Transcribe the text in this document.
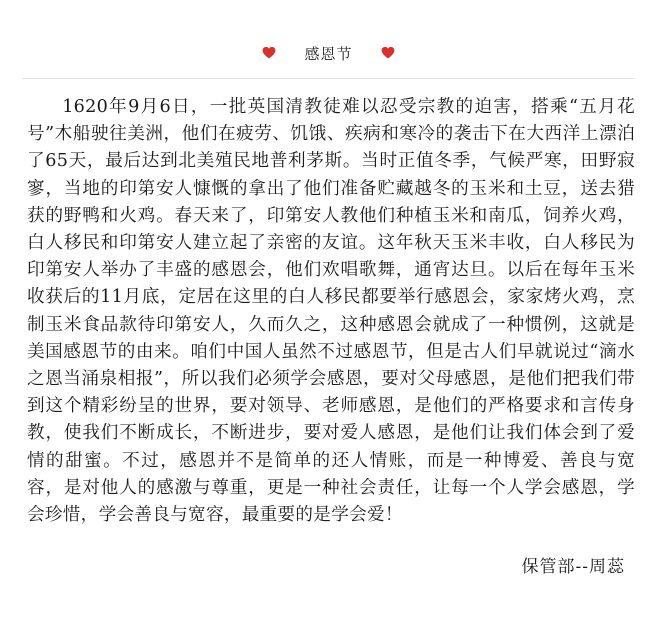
感恩节

1620年9月6日，一批英国清教徒难以忍受宗教的迫害，搭乘“五月花号”木船驶往美洲，他们在疲劳、饥饿、疾病和寒冷的袭击下在大西洋上漂泊了65天，最后达到北美殖民地普利茅斯。当时正值冬季，气候严寒，田野寂寥，当地的印第安人慷慨的拿出了他们准备贮藏越冬的玉米和土豆，送去猎获的野鸭和火鸡。春天来了，印第安人教他们种植玉米和南瓜，饲养火鸡，白人移民和印第安人建立起了亲密的友谊。这年秋天玉米丰收，白人移民为印第安人举办了丰盛的感恩会，他们欢唱歌舞，通宵达旦。以后在每年玉米收获后的11月底，定居在这里的白人移民都要举行感恩会，家家烤火鸡，烹制玉米食品款待印第安人，久而久之，这种感恩会就成了一种惯例，这就是美国感恩节的由来。咱们中国人虽然不过感恩节，但是古人们早就说过“滴水之恩当涌泉相报”，所以我们必须学会感恩，要对父母感恩，是他们把我们带到这个精彩纷呈的世界，要对领导、老师感恩，是他们的严格要求和言传身教，使我们不断成长，不断进步，要对爱人感恩，是他们让我们体会到了爱情的甜蜜。不过，感恩并不是简单的还人情账，而是一种博爱、善良与宽容，是对他人的感激与尊重，更是一种社会责任，让每一个人学会感恩，学会珍惜，学会善良与宽容，最重要的是学会爱！

保管部--周蕊
